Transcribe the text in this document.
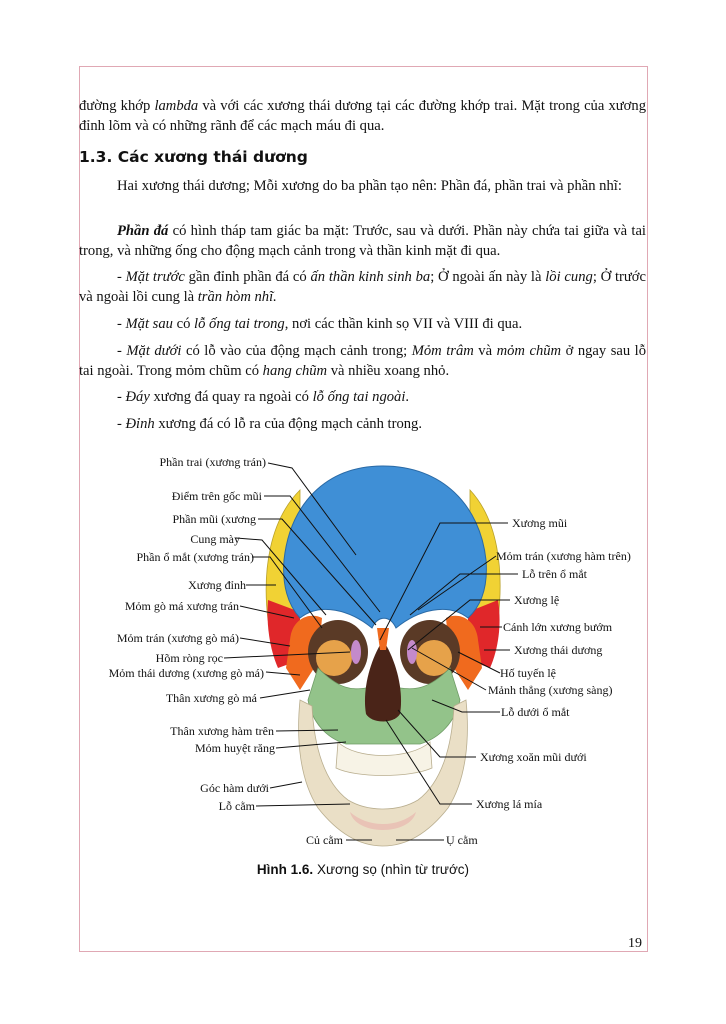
đường khớp lambda và với các xương thái dương tại các đường khớp trai. Mặt trong của xương đỉnh lõm và có những rãnh để các mạch máu đi qua.

1.3. Các xương thái dương

Hai xương thái dương; Mỗi xương do ba phần tạo nên: Phần đá, phần trai và phần nhĩ:

Phần đá có hình tháp tam giác ba mặt: Trước, sau và dưới. Phần này chứa tai giữa và tai trong, và những ống cho động mạch cảnh trong và thần kinh mặt đi qua.

- Mặt trước gần đỉnh phần đá có ấn thần kinh sinh ba; Ở ngoài ấn này là lồi cung; Ở trước và ngoài lồi cung là trần hòm nhĩ.

- Mặt sau có lỗ ống tai trong, nơi các thần kinh sọ VII và VIII đi qua.

- Mặt dưới có lỗ vào của động mạch cảnh trong; Mỏm trâm và mỏm chũm ở ngay sau lỗ tai ngoài. Trong mỏm chũm có hang chũm và nhiều xoang nhỏ.

- Đáy xương đá quay ra ngoài có lỗ ống tai ngoài.

- Đỉnh xương đá có lỗ ra của động mạch cảnh trong.

Phần trai (xương trán)
Điểm trên gốc mũi
Phần mũi (xương
Cung mày
Phần ổ mắt (xương trán)
Xương đỉnh
Mỏm gò má xương trán
Mỏm trán (xương gò má)
Hõm ròng rọc
Mỏm thái dương (xương gò má)
Thân xương gò má
Thân xương hàm trên
Mỏm huyệt răng
Góc hàm dưới
Lỗ cằm
Củ cằm
Xương mũi
Mỏm trán (xương hàm trên)
Lỗ trên ổ mắt
Xương lệ
Cánh lớn xương bướm
Xương thái dương
Hố tuyến lệ
Mảnh thẳng (xương sàng)
Lỗ dưới ổ mắt
Xương xoăn mũi dưới
Xương lá mía
Ụ cằm
Hình 1.6. Xương sọ (nhìn từ trước)
19
